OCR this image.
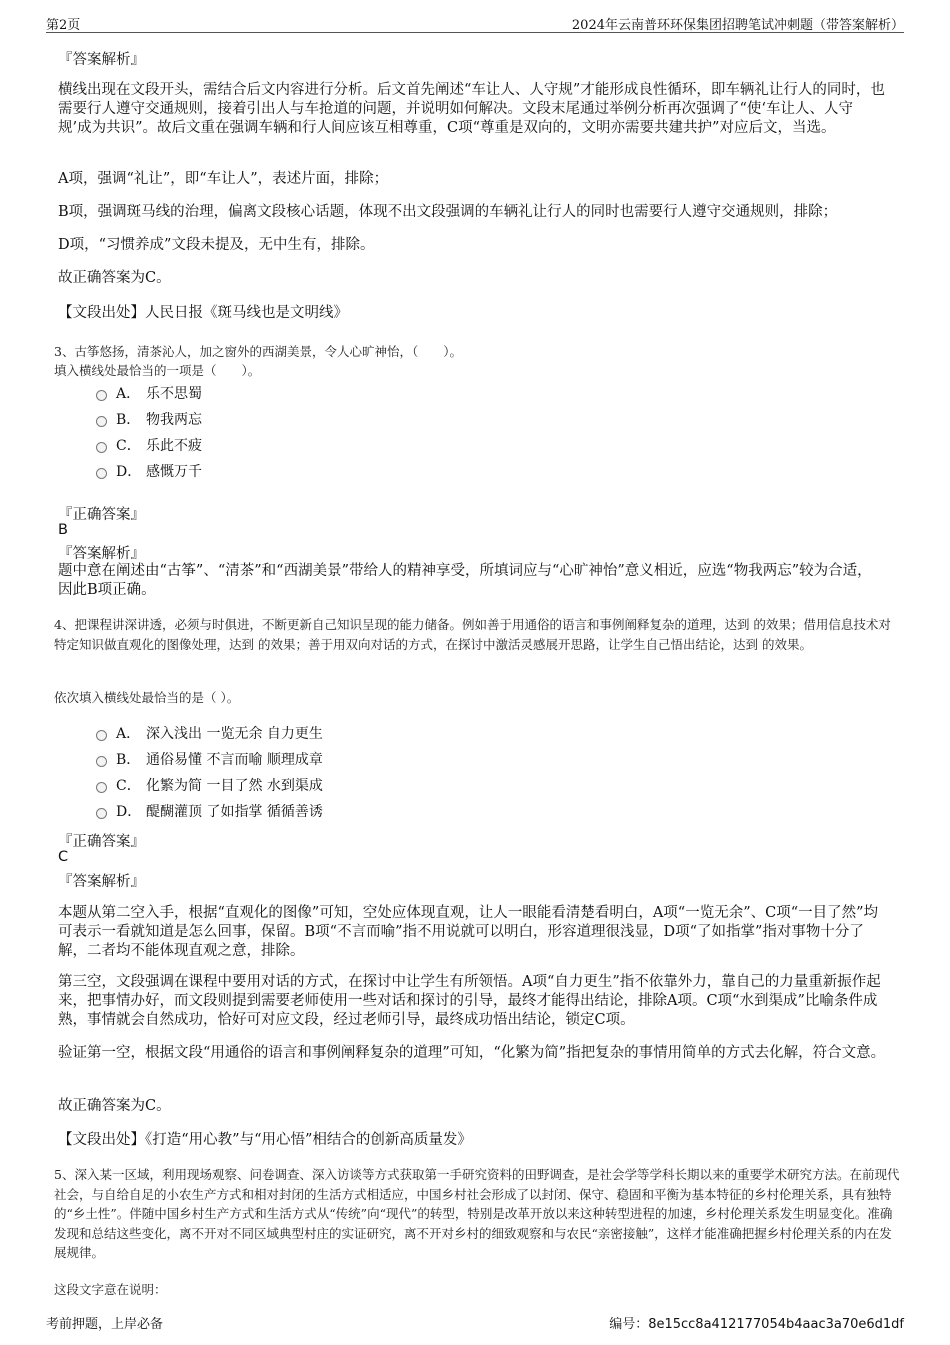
第2页	2024年云南普环环保集团招聘笔试冲刺题（带答案解析）
『答案解析』
横线出现在文段开头，需结合后文内容进行分析。后文首先阐述“车让人、人守规”才能形成良性循环，即车辆礼让行人的同时，也需要行人遵守交通规则，接着引出人与车抢道的问题，并说明如何解决。文段末尾通过举例分析再次强调了“使‘车让人、人守规’成为共识”。故后文重在强调车辆和行人间应该互相尊重，C项“尊重是双向的，文明亦需要共建共护”对应后文，当选。
A项，强调“礼让”，即“车让人”，表述片面，排除；
B项，强调斑马线的治理，偏离文段核心话题，体现不出文段强调的车辆礼让行人的同时也需要行人遵守交通规则，排除；
D项，“习惯养成”文段未提及，无中生有，排除。
故正确答案为C。
【文段出处】人民日报《斑马线也是文明线》
3、古筝悠扬，清茶沁人，加之窗外的西湖美景，令人心旷神怡，（　　）。
填入横线处最恰当的一项是（　　）。
A． 乐不思蜀
B． 物我两忘
C． 乐此不疲
D． 感慨万千
『正确答案』
B
『答案解析』
题中意在阐述由“古筝”、“清茶”和“西湖美景”带给人的精神享受，所填词应与“心旷神怡”意义相近，应选“物我两忘”较为合适，因此B项正确。
4、把课程讲深讲透，必须与时俱进，不断更新自己知识呈现的能力储备。例如善于用通俗的语言和事例阐释复杂的道理，达到 的效果；借用信息技术对特定知识做直观化的图像处理，达到 的效果；善于用双向对话的方式，在探讨中激活灵感展开思路，让学生自己悟出结论，达到 的效果。
依次填入横线处最恰当的是（ ）。
A． 深入浅出 一览无余 自力更生
B． 通俗易懂 不言而喻 顺理成章
C． 化繁为简 一目了然 水到渠成
D． 醍醐灌顶 了如指掌 循循善诱
『正确答案』
C
『答案解析』
本题从第二空入手，根据“直观化的图像”可知，空处应体现直观，让人一眼能看清楚看明白，A项“一览无余”、C项“一目了然”均可表示一看就知道是怎么回事，保留。B项“不言而喻”指不用说就可以明白，形容道理很浅显，D项“了如指掌”指对事物十分了解，二者均不能体现直观之意，排除。
第三空，文段强调在课程中要用对话的方式，在探讨中让学生有所领悟。A项“自力更生”指不依靠外力，靠自己的力量重新振作起来，把事情办好，而文段则提到需要老师使用一些对话和探讨的引导，最终才能得出结论，排除A项。C项“水到渠成”比喻条件成熟，事情就会自然成功，恰好可对应文段，经过老师引导，最终成功悟出结论，锁定C项。
验证第一空，根据文段“用通俗的语言和事例阐释复杂的道理”可知，“化繁为简”指把复杂的事情用简单的方式去化解，符合文意。
故正确答案为C。
【文段出处】《打造“用心教”与“用心悟”相结合的创新高质量发》
5、深入某一区域，利用现场观察、问卷调查、深入访谈等方式获取第一手研究资料的田野调查，是社会学等学科长期以来的重要学术研究方法。在前现代社会，与自给自足的小农生产方式和相对封闭的生活方式相适应，中国乡村社会形成了以封闭、保守、稳固和平衡为基本特征的乡村伦理关系，具有独特的“乡土性”。伴随中国乡村生产方式和生活方式从“传统”向“现代”的转型，特别是改革开放以来这种转型进程的加速，乡村伦理关系发生明显变化。准确发现和总结这些变化，离不开对不同区域典型村庄的实证研究，离不开对乡村的细致观察和与农民“亲密接触”，这样才能准确把握乡村伦理关系的内在发展规律。
这段文字意在说明：
考前押题，上岸必备	编号：8e15cc8a412177054b4aac3a70e6d1df
